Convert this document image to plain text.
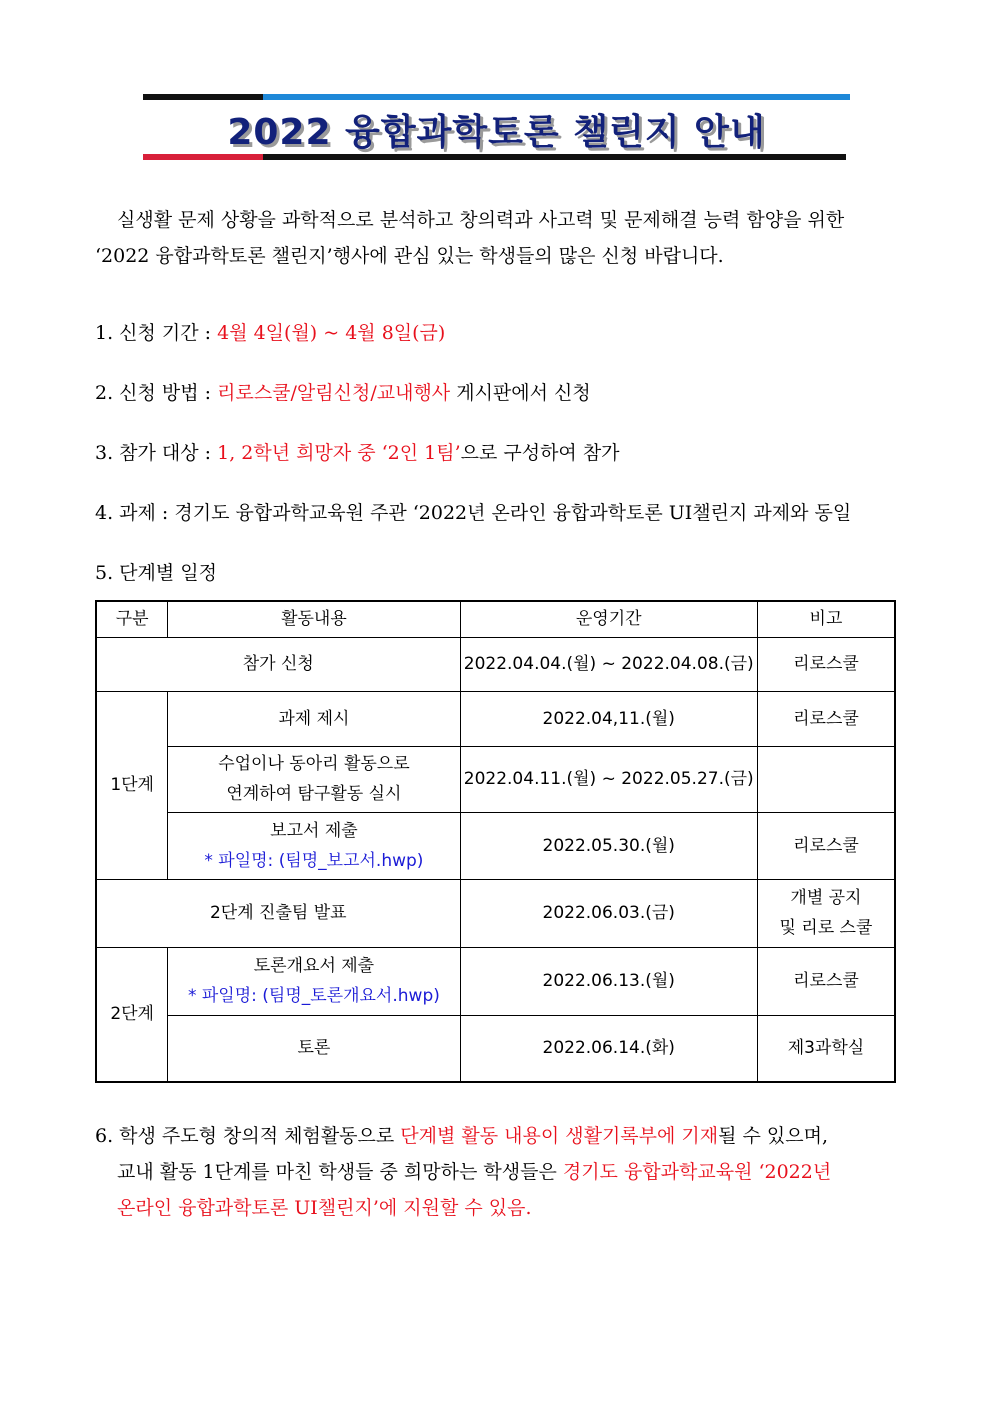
2022 융합과학토론 챌린지 안내

실생활 문제 상황을 과학적으로 분석하고 창의력과 사고력 및 문제해결 능력 함양을 위한

‘2022 융합과학토론 챌린지’행사에 관심 있는 학생들의 많은 신청 바랍니다.

1. 신청 기간 : 4월 4일(월) ~ 4월 8일(금)
2. 신청 방법 : 리로스쿨/알림신청/교내행사 게시판에서 신청
3. 참가 대상 : 1, 2학년 희망자 중 ‘2인 1팀’으로 구성하여 참가
4. 과제 : 경기도 융합과학교육원 주관 ‘2022년 온라인 융합과학토론 UI챌린지 과제와 동일
5. 단계별 일정
구분	활동내용	운영기간	비고
참가 신청		2022.04.04.(월) ~ 2022.04.08.(금)	리로스쿨
1단계	과제 제시	2022.04,11.(월)	리로스쿨

	수업이나 동아리 활동으로
연계하여 탐구활동 실시	2022.04.11.(월) ~ 2022.05.27.(금)	

	보고서 제출
* 파일명: (팀명_보고서.hwp)	2022.05.30.(월)	리로스쿨
2단계 진출팀 발표		2022.06.03.(금)	개별 공지
및 리로 스쿨

2단계	토론개요서 제출
* 파일명: (팀명_토론개요서.hwp)	2022.06.13.(월)	리로스쿨
	토론	2022.06.14.(화)	제3과학실

6. 학생 주도형 창의적 체험활동으로 단계별 활동 내용이 생활기록부에 기재될 수 있으며,

교내 활동 1단계를 마친 학생들 중 희망하는 학생들은 경기도 융합과학교육원 ‘2022년

온라인 융합과학토론 UI챌린지’에 지원할 수 있음.
